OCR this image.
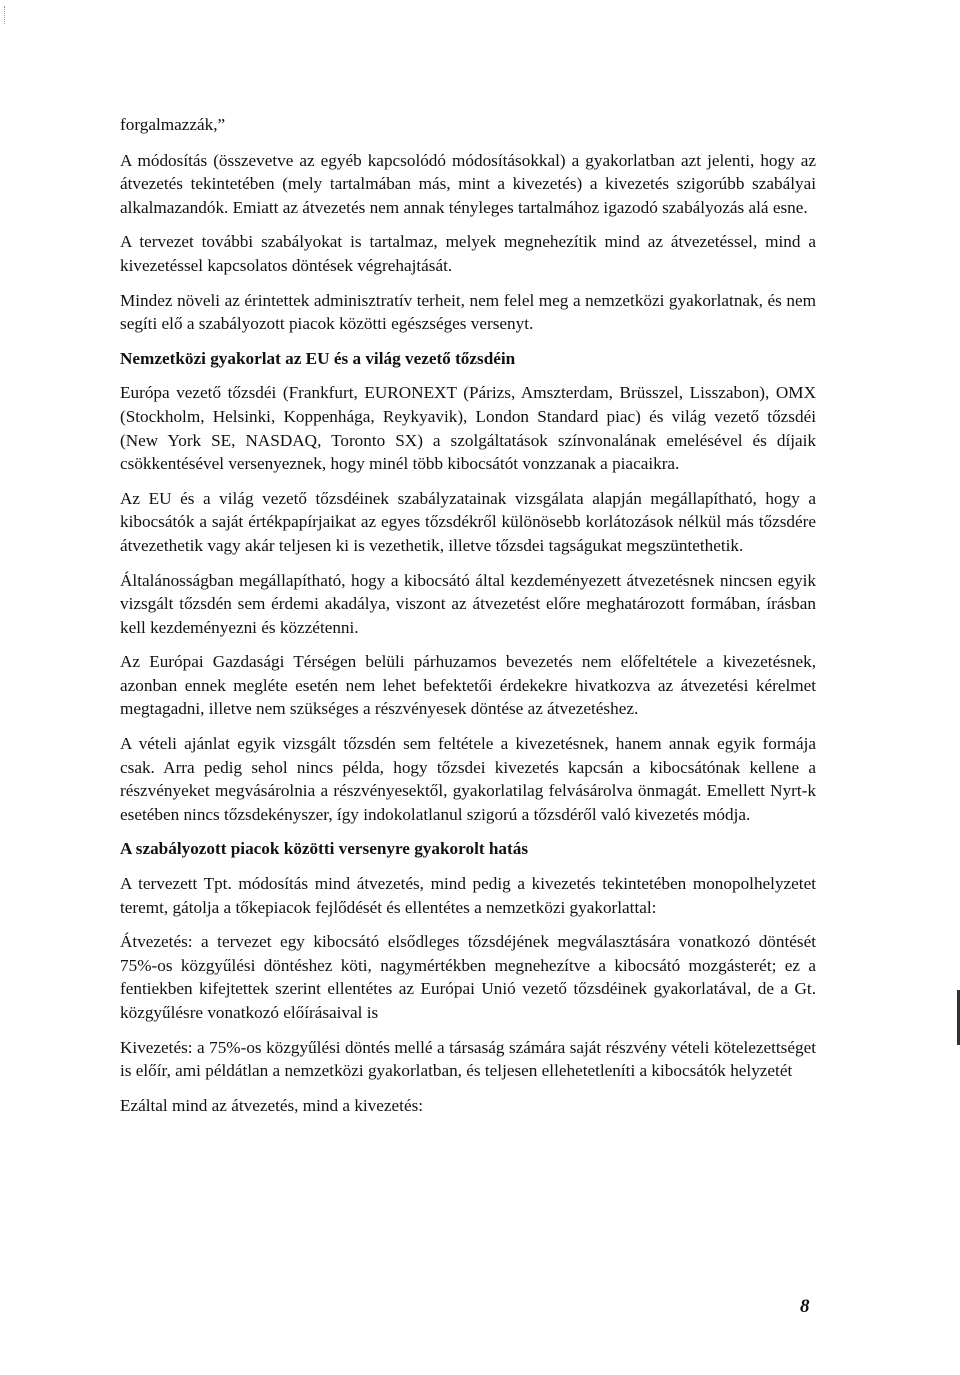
forgalmazzák,”

A módosítás (összevetve az egyéb kapcsolódó módosításokkal) a gyakorlatban azt jelenti, hogy az átvezetés tekintetében (mely tartalmában más, mint a kivezetés) a kivezetés szigorúbb szabályai alkalmazandók. Emiatt az átvezetés nem annak tényleges tartalmához igazodó szabályozás alá esne.

A tervezet további szabályokat is tartalmaz, melyek megnehezítik mind az átvezetéssel, mind a kivezetéssel kapcsolatos döntések végrehajtását.

Mindez növeli az érintettek adminisztratív terheit, nem felel meg a nemzetközi gyakorlatnak, és nem segíti elő a szabályozott piacok közötti egészséges versenyt.

Nemzetközi gyakorlat az EU és a világ vezető tőzsdéin

Európa vezető tőzsdéi (Frankfurt, EURONEXT (Párizs, Amszterdam, Brüsszel, Lisszabon), OMX (Stockholm, Helsinki, Koppenhága, Reykyavik), London Standard piac) és világ vezető tőzsdéi (New York SE, NASDAQ, Toronto SX) a szolgáltatások színvonalának emelésével és díjaik csökkentésével versenyeznek, hogy minél több kibocsátót vonzzanak a piacaikra.

Az EU és a világ vezető tőzsdéinek szabályzatainak vizsgálata alapján megállapítható, hogy a kibocsátók a saját értékpapírjaikat az egyes tőzsdékről különösebb korlátozások nélkül más tőzsdére átvezethetik vagy akár teljesen ki is vezethetik, illetve tőzsdei tagságukat megszüntethetik.

Általánosságban megállapítható, hogy a kibocsátó által kezdeményezett átvezetésnek nincsen egyik vizsgált tőzsdén sem érdemi akadálya, viszont az átvezetést előre meghatározott formában, írásban kell kezdeményezni és közzétenni.

Az Európai Gazdasági Térségen belüli párhuzamos bevezetés nem előfeltétele a kivezetésnek, azonban ennek megléte esetén nem lehet befektetői érdekekre hivatkozva az átvezetési kérelmet megtagadni, illetve nem szükséges a részvényesek döntése az átvezetéshez.

A vételi ajánlat egyik vizsgált tőzsdén sem feltétele a kivezetésnek, hanem annak egyik formája csak. Arra pedig sehol nincs példa, hogy tőzsdei kivezetés kapcsán a kibocsátónak kellene a részvényeket megvásárolnia a részvényesektől, gyakorlatilag felvásárolva önmagát. Emellett Nyrt-k esetében nincs tőzsdekényszer, így indokolatlanul szigorú a tőzsdéről való kivezetés módja.

A szabályozott piacok közötti versenyre gyakorolt hatás

A tervezett Tpt. módosítás mind átvezetés, mind pedig a kivezetés tekintetében monopolhelyzetet teremt, gátolja a tőkepiacok fejlődését és ellentétes a nemzetközi gyakorlattal:

Átvezetés: a tervezet egy kibocsátó elsődleges tőzsdéjének megválasztására vonatkozó döntését 75%-os közgyűlési döntéshez köti, nagymértékben megnehezítve a kibocsátó mozgásterét; ez a fentiekben kifejtettek szerint ellentétes az Európai Unió vezető tőzsdéinek gyakorlatával, de a Gt. közgyűlésre vonatkozó előírásaival is

Kivezetés: a 75%-os közgyűlési döntés mellé a társaság számára saját részvény vételi kötelezettséget is előír, ami példátlan a nemzetközi gyakorlatban, és teljesen ellehetetleníti a kibocsátók helyzetét

Ezáltal mind az átvezetés, mind a kivezetés:

8
